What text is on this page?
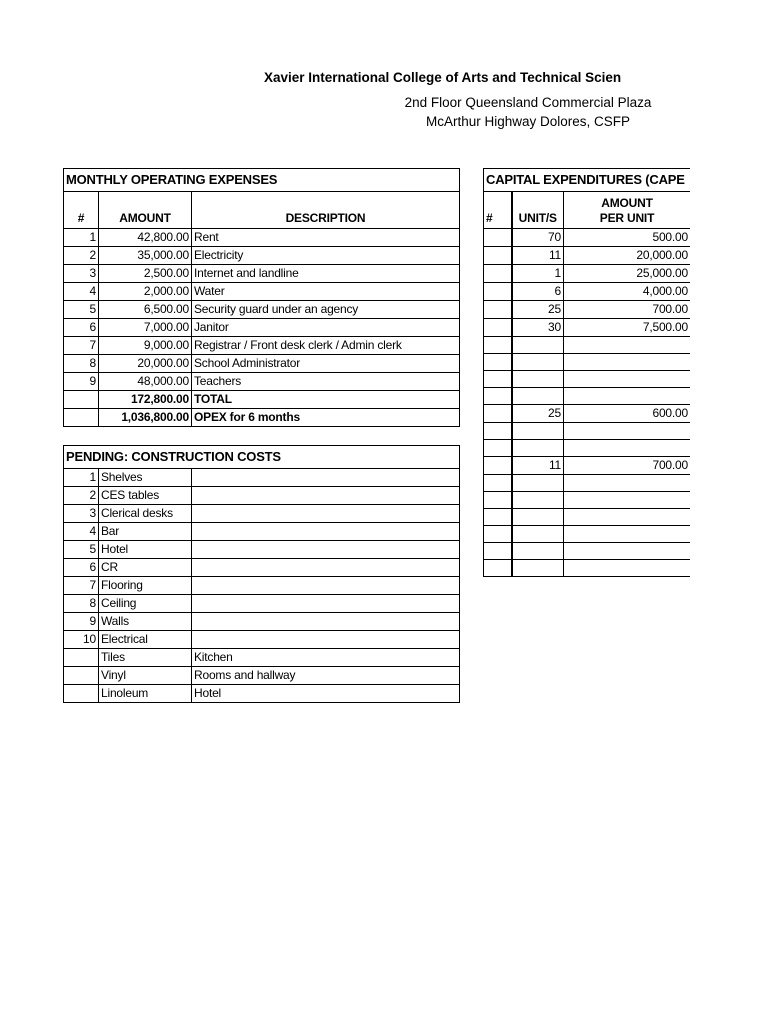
Xavier International College of Arts and Technical Scien
2nd Floor Queensland Commercial Plaza
McArthur Highway Dolores, CSFP
MONTHLY OPERATING EXPENSES		
#	AMOUNT	DESCRIPTION
1	42,800.00	Rent
2	35,000.00	Electricity
3	2,500.00	Internet and landline
4	2,000.00	Water
5	6,500.00	Security guard under an agency
6	7,000.00	Janitor
7	9,000.00	Registrar / Front desk clerk / Admin clerk
8	20,000.00	School Administrator
9	48,000.00	Teachers
	172,800.00	TOTAL
	1,036,800.00	OPEX for 6 months
PENDING: CONSTRUCTION COSTS		
1	Shelves	
2	CES tables	
3	Clerical desks	
4	Bar	
5	Hotel	
6	CR	
7	Flooring	
8	Ceiling	
9	Walls	
10	Electrical	
	Tiles	Kitchen
	Vinyl	Rooms and hallway
	Linoleum	Hotel
CAPITAL EXPENDITURES (CAPE			
#	UNIT/S	AMOUNT
PER UNIT	

	70	500.00	
	11	20,000.00	
	1	25,000.00	
	6	4,000.00	
	25	700.00	
	30	7,500.00	

	25	600.00	

	11	700.00	
